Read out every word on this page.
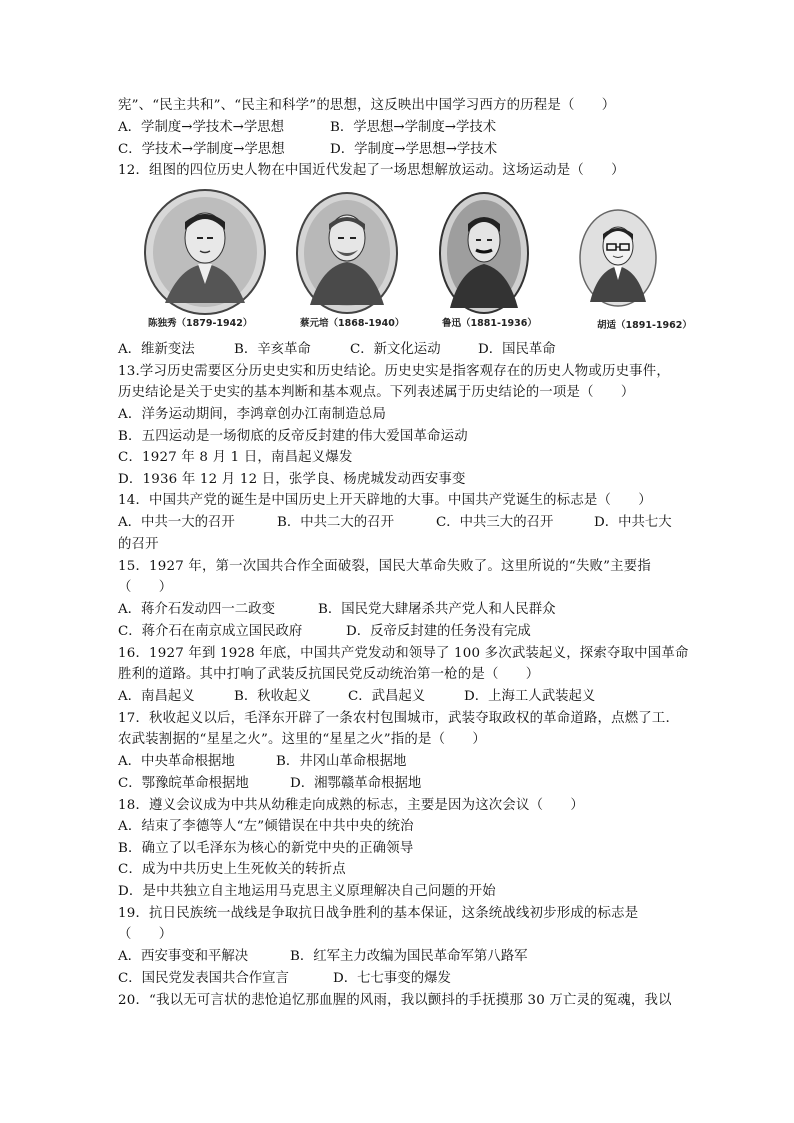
宪”、“民主共和”、“民主和科学”的思想，这反映出中国学习西方的历程是（　　）
A．学制度→学技术→学思想	B．学思想→学制度→学技术
C．学技术→学制度→学思想	D．学制度→学思想→学技术
12．组图的四位历史人物在中国近代发起了一场思想解放运动。这场运动是（　　）
陈独秀（1879-1942）	蔡元培（1868-1940）	鲁迅（1881-1936）	胡适（1891-1962）
A．维新变法	B．辛亥革命	C．新文化运动	D．国民革命
13.学习历史需要区分历史史实和历史结论。历史史实是指客观存在的历史人物或历史事件，
历史结论是关于史实的基本判断和基本观点。下列表述属于历史结论的一项是（　　）
A．洋务运动期间，李鸿章创办江南制造总局
B．五四运动是一场彻底的反帝反封建的伟大爱国革命运动
C．1927 年 8 月 1 日，南昌起义爆发
D．1936 年 12 月 12 日，张学良、杨虎城发动西安事变
14．中国共产党的诞生是中国历史上开天辟地的大事。中国共产党诞生的标志是（　　）
A．中共一大的召开	B．中共二大的召开	C．中共三大的召开	D．中共七大
的召开
15．1927 年，第一次国共合作全面破裂，国民大革命失败了。这里所说的“失败”主要指
（　　）
A．蒋介石发动四一二政变	B．国民党大肆屠杀共产党人和人民群众
C．蒋介石在南京成立国民政府	D．反帝反封建的任务没有完成
16．1927 年到 1928 年底，中国共产党发动和领导了 100 多次武装起义，探索夺取中国革命
胜利的道路。其中打响了武装反抗国民党反动统治第一枪的是（　　）
A．南昌起义	B．秋收起义	C．武昌起义	D．上海工人武装起义
17．秋收起义以后，毛泽东开辟了一条农村包围城市，武装夺取政权的革命道路，点燃了工.
农武装割据的“星星之火”。这里的“星星之火”指的是（　　）
A．中央革命根据地	B．井冈山革命根据地
C．鄂豫皖革命根据地	D．湘鄂赣革命根据地
18．遵义会议成为中共从幼稚走向成熟的标志，主要是因为这次会议（　　）
A．结束了李德等人“左”倾错误在中共中央的统治
B．确立了以毛泽东为核心的新党中央的正确领导
C．成为中共历史上生死攸关的转折点
D．是中共独立自主地运用马克思主义原理解决自己问题的开始
19．抗日民族统一战线是争取抗日战争胜利的基本保证，这条统战线初步形成的标志是
（　　）
A．西安事变和平解决	B．红军主力改编为国民革命军第八路军
C．国民党发表国共合作宣言	D．七七事变的爆发
20．“我以无可言状的悲怆追忆那血腥的风雨，我以颤抖的手抚摸那 30 万亡灵的冤魂，我以
